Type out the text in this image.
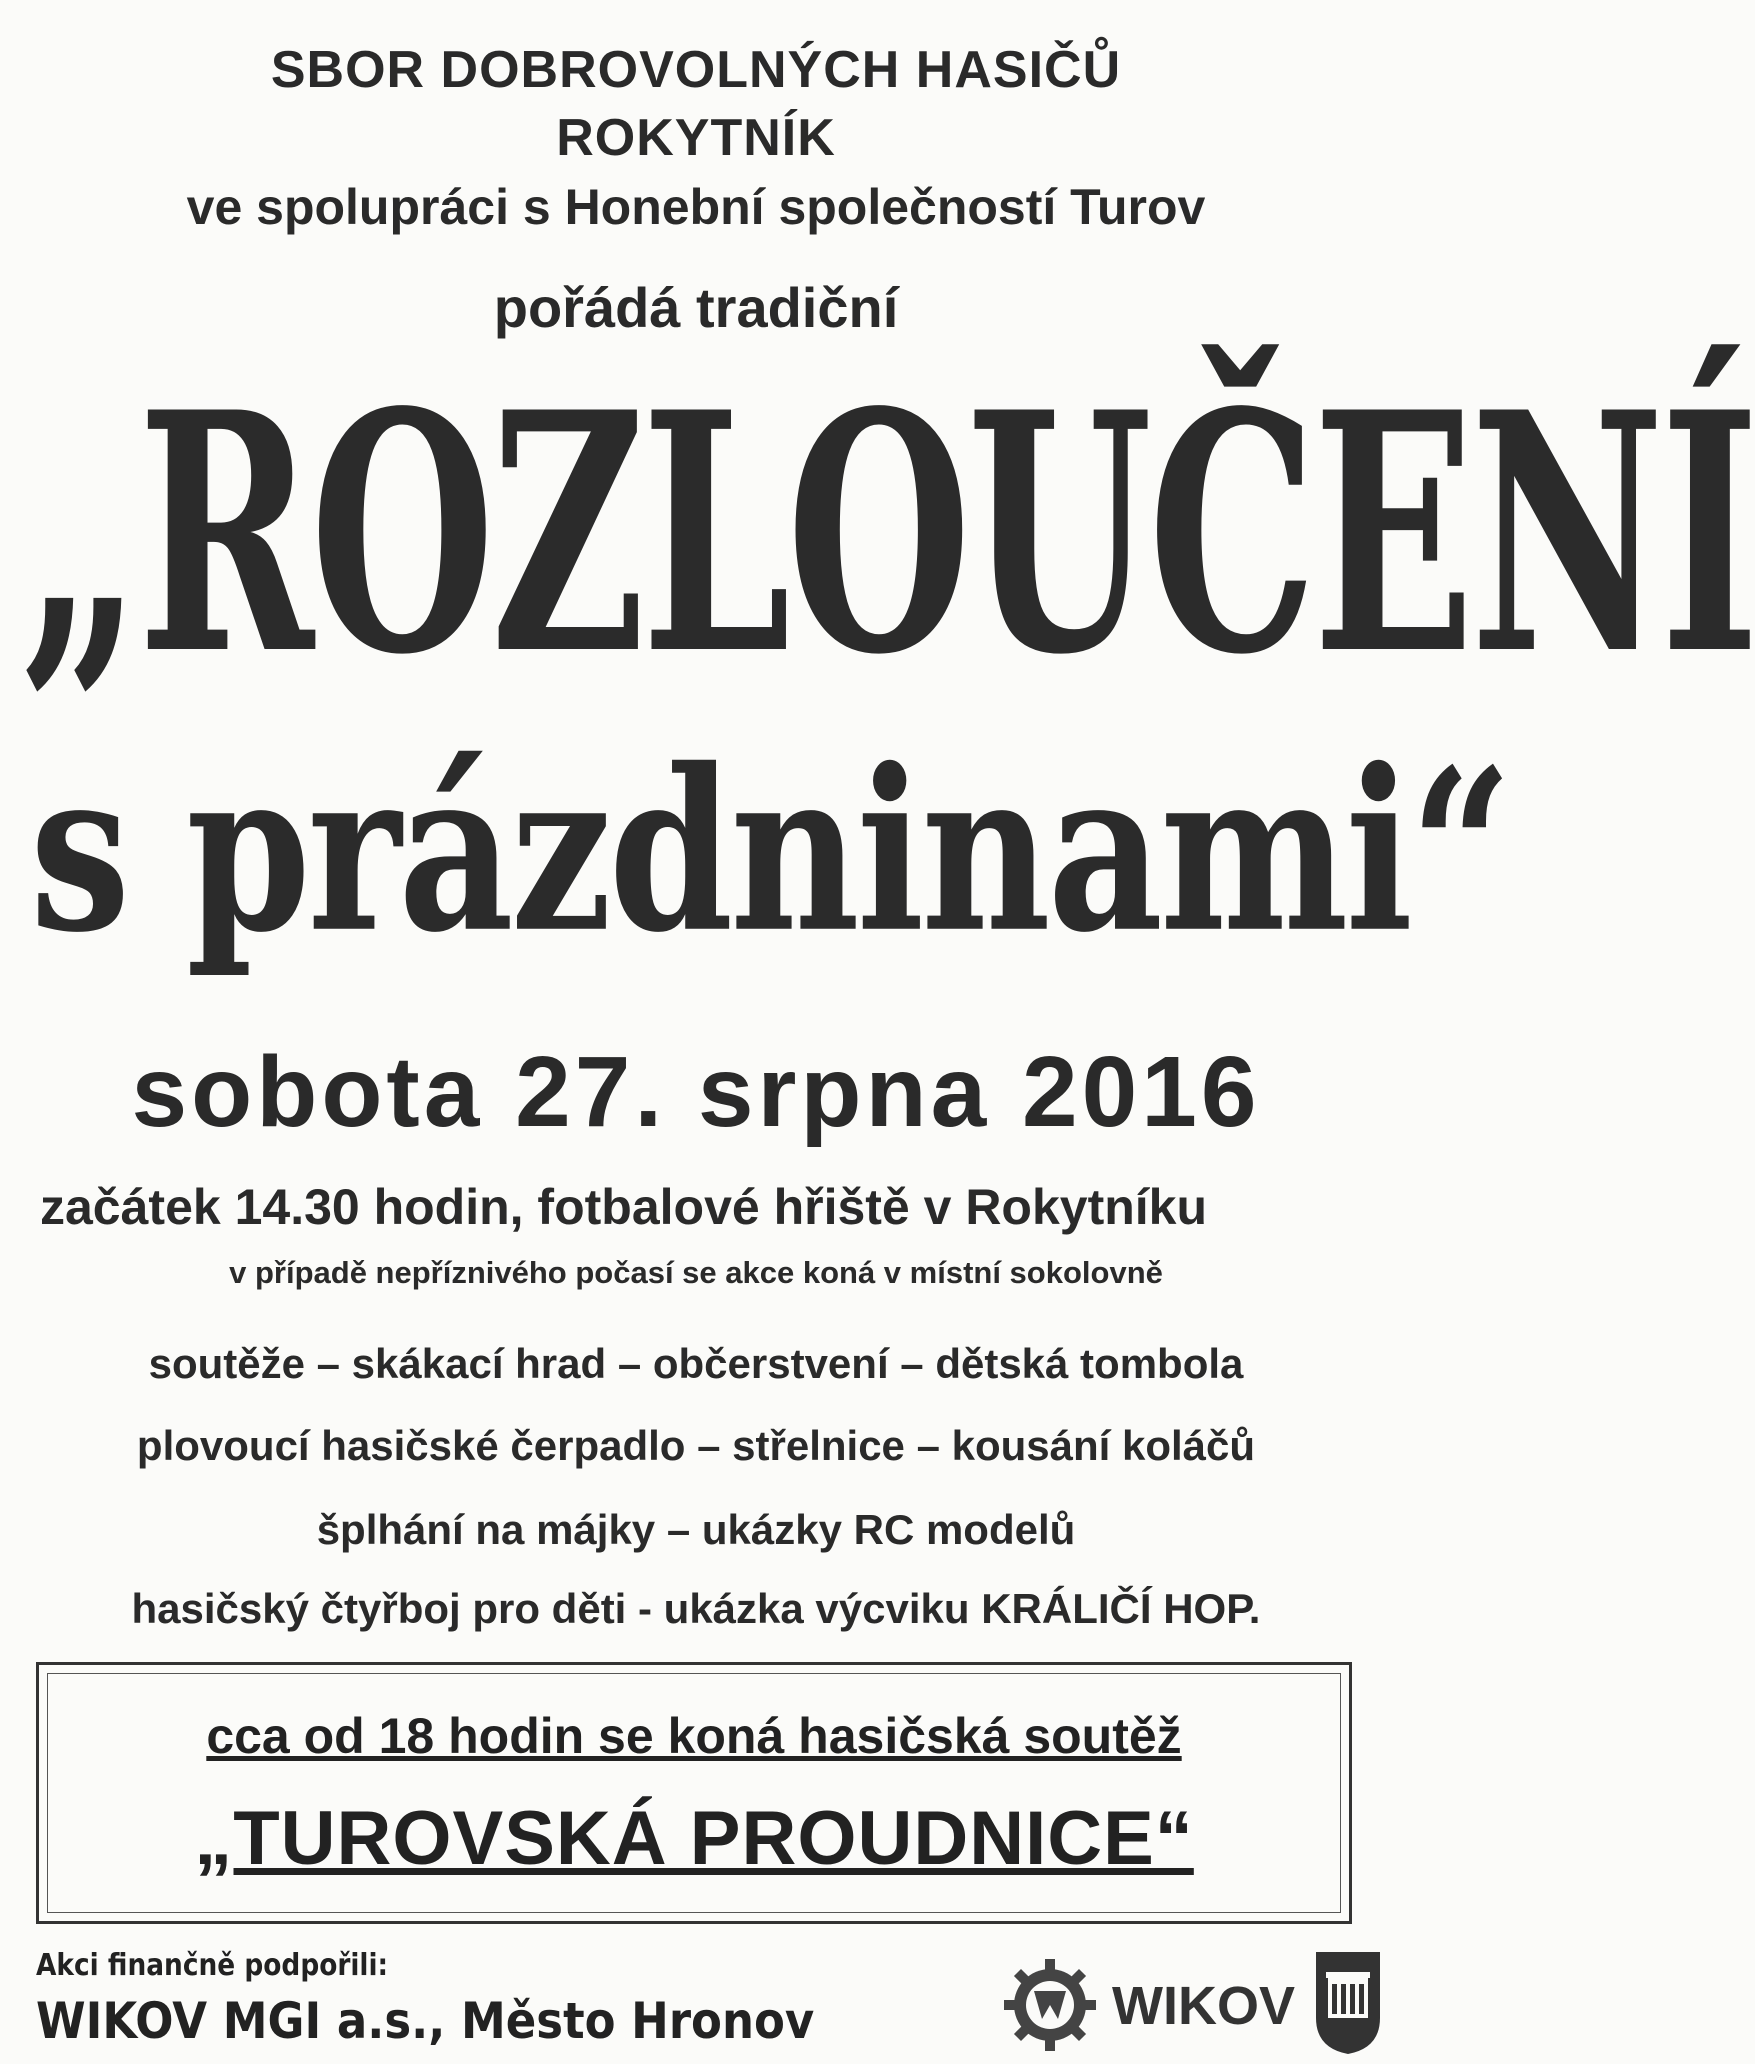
SBOR DOBROVOLNÝCH HASIČŮ
ROKYTNÍK
ve spolupráci s Honební společností Turov
pořádá tradiční
„ROZLOUČENÍ
s prázdninami“
sobota 27. srpna 2016
začátek 14.30 hodin, fotbalové hřiště v Rokytníku
v případě nepříznivého počasí se akce koná v místní sokolovně
soutěže – skákací hrad – občerstvení – dětská tombola
plovoucí hasičské čerpadlo – střelnice – kousání koláčů
šplhání na májky – ukázky RC modelů
hasičský čtyřboj pro děti - ukázka výcviku KRÁLIČÍ HOP.
cca od 18 hodin se koná hasičská soutěž
„TUROVSKÁ PROUDNICE“
Akci finančně podpořili:
WIKOV MGI a.s., Město Hronov	WIKOV
